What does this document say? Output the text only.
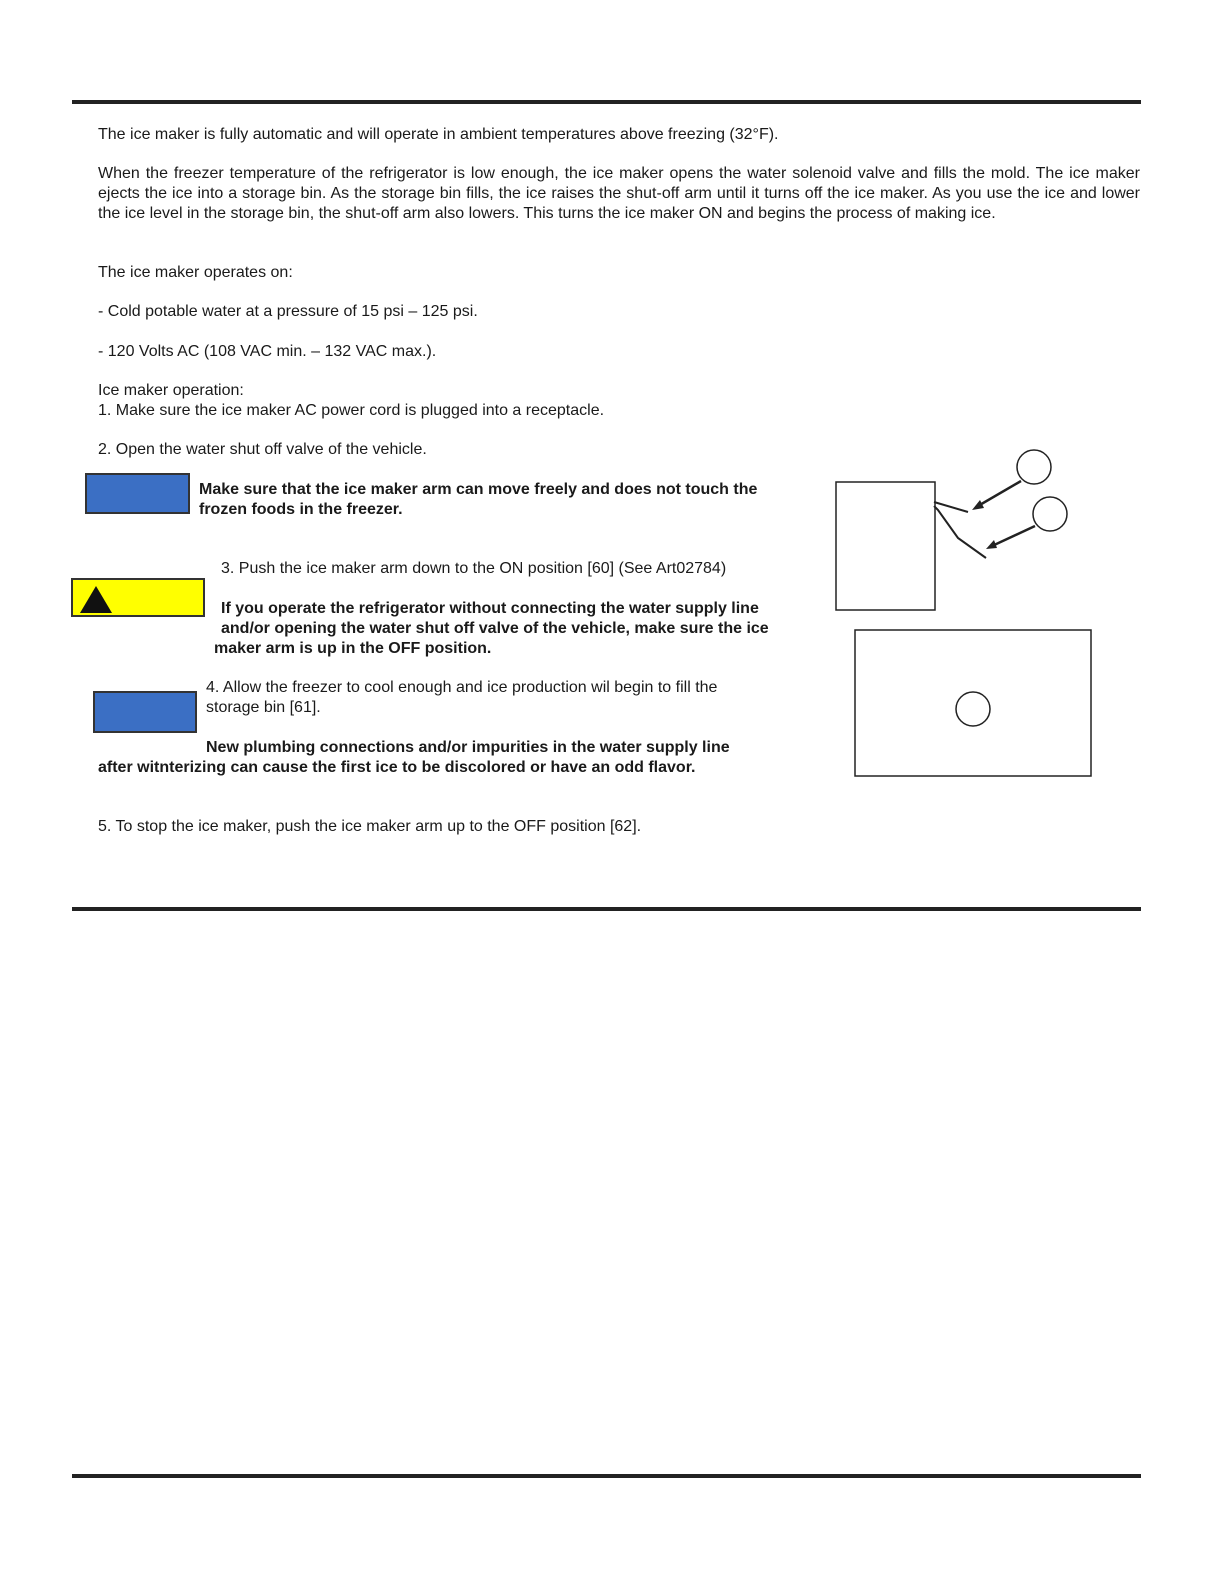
The ice maker is fully automatic and will operate in ambient temperatures above freezing (32°F).
When the freezer temperature of the refrigerator is low enough, the ice maker opens the water solenoid valve and fills the mold. The ice maker ejects the ice into a storage bin. As the storage bin fills, the ice raises the shut-off arm until it turns off the ice maker. As you use the ice and lower the ice level in the storage bin, the shut-off arm also lowers. This turns the ice maker ON and begins the process of making ice.
The ice maker operates on:
- Cold potable water at a pressure of 15 psi – 125 psi.
- 120 Volts AC (108 VAC min. – 132 VAC max.).
Ice maker operation:
1. Make sure the ice maker AC power cord is plugged into a receptacle.
2. Open the water shut off valve of the vehicle.
Make sure that the ice maker arm can move freely and does not touch the
frozen foods in the freezer.
3. Push the ice maker arm down to the ON position [60] (See Art02784)
If you operate the refrigerator without connecting the water supply line
and/or opening the water shut off valve of the vehicle, make sure the ice
maker arm is up in the OFF position.
4. Allow the freezer to cool enough and ice production wil begin to fill the
storage bin [61].
New plumbing connections and/or impurities in the water supply line
after witnterizing can cause the first ice to be discolored or have an odd flavor.
5. To stop the ice maker, push the ice maker arm up to the OFF position [62].
